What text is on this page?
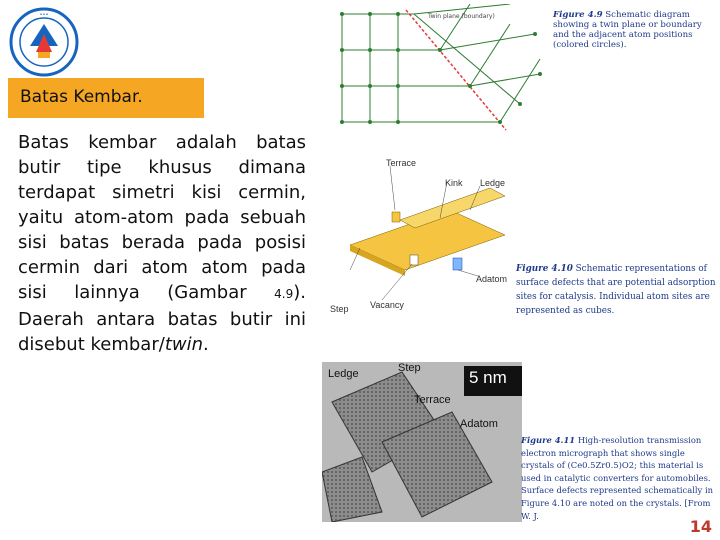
•••
Batas Kembar.

Batas kembar adalah batas butir tipe khusus dimana terdapat simetri kisi cermin, yaitu atom-atom pada sebuah sisi batas berada pada posisi cermin dari atom atom pada sisi lainnya (Gambar 4.9). Daerah antara batas butir ini disebut kembar/twin.

Twin plane (boundary)	Figure 4.9 Schematic diagram showing a twin plane or boundary and the adjacent atom positions (colored circles).
Terrace
Kink Ledge
Adatom
Step Vacancy
Figure 4.10 Schematic representations of surface defects that are potential adsorption sites for catalysis. Individual atom sites are represented as cubes.
Ledge	Step
Terrace
Adatom
5 nm
Figure 4.11 High-resolution transmission electron micrograph that shows single crystals of (Ce0.5Zr0.5)O2; this material is used in catalytic converters for automobiles. Surface defects represented schematically in Figure 4.10 are noted on the crystals. [From W. J.
14
